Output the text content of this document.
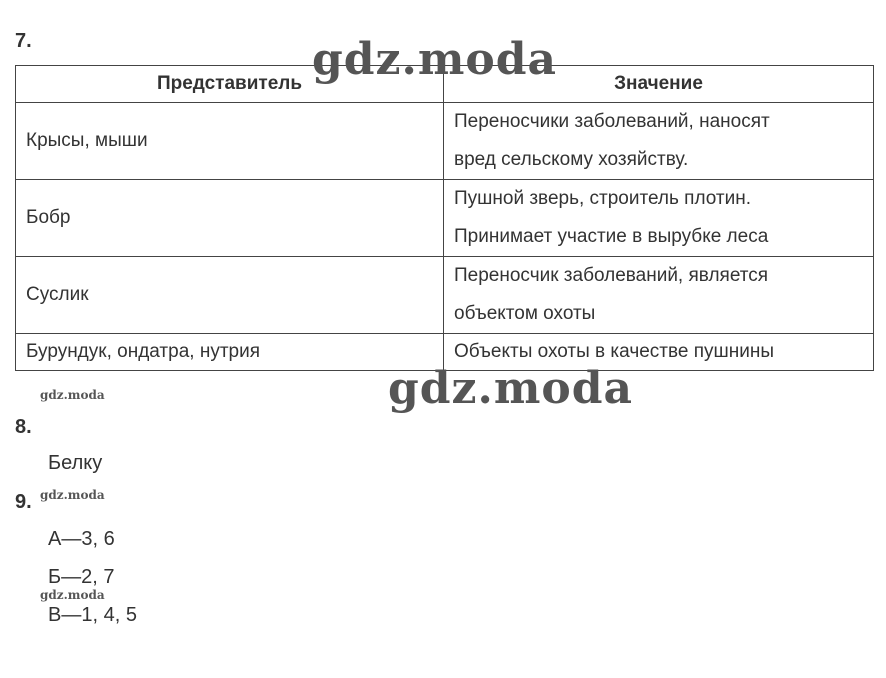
7.
Представитель	Значение
Крысы, мыши	Переносчики заболеваний, наносят
вред сельскому хозяйству.

Бобр	Пушной зверь, строитель плотин.
Принимает участие в вырубке леса

Суслик	Переносчик заболеваний, является
объектом охоты

Бурундук, ондатра, нутрия	Объекты охоты в качестве пушнины
8.
Белку
9.
А—3, 6
Б—2, 7
В—1, 4, 5
gdz.moda
gdz.moda
gdz.moda
gdz.moda
gdz.moda
